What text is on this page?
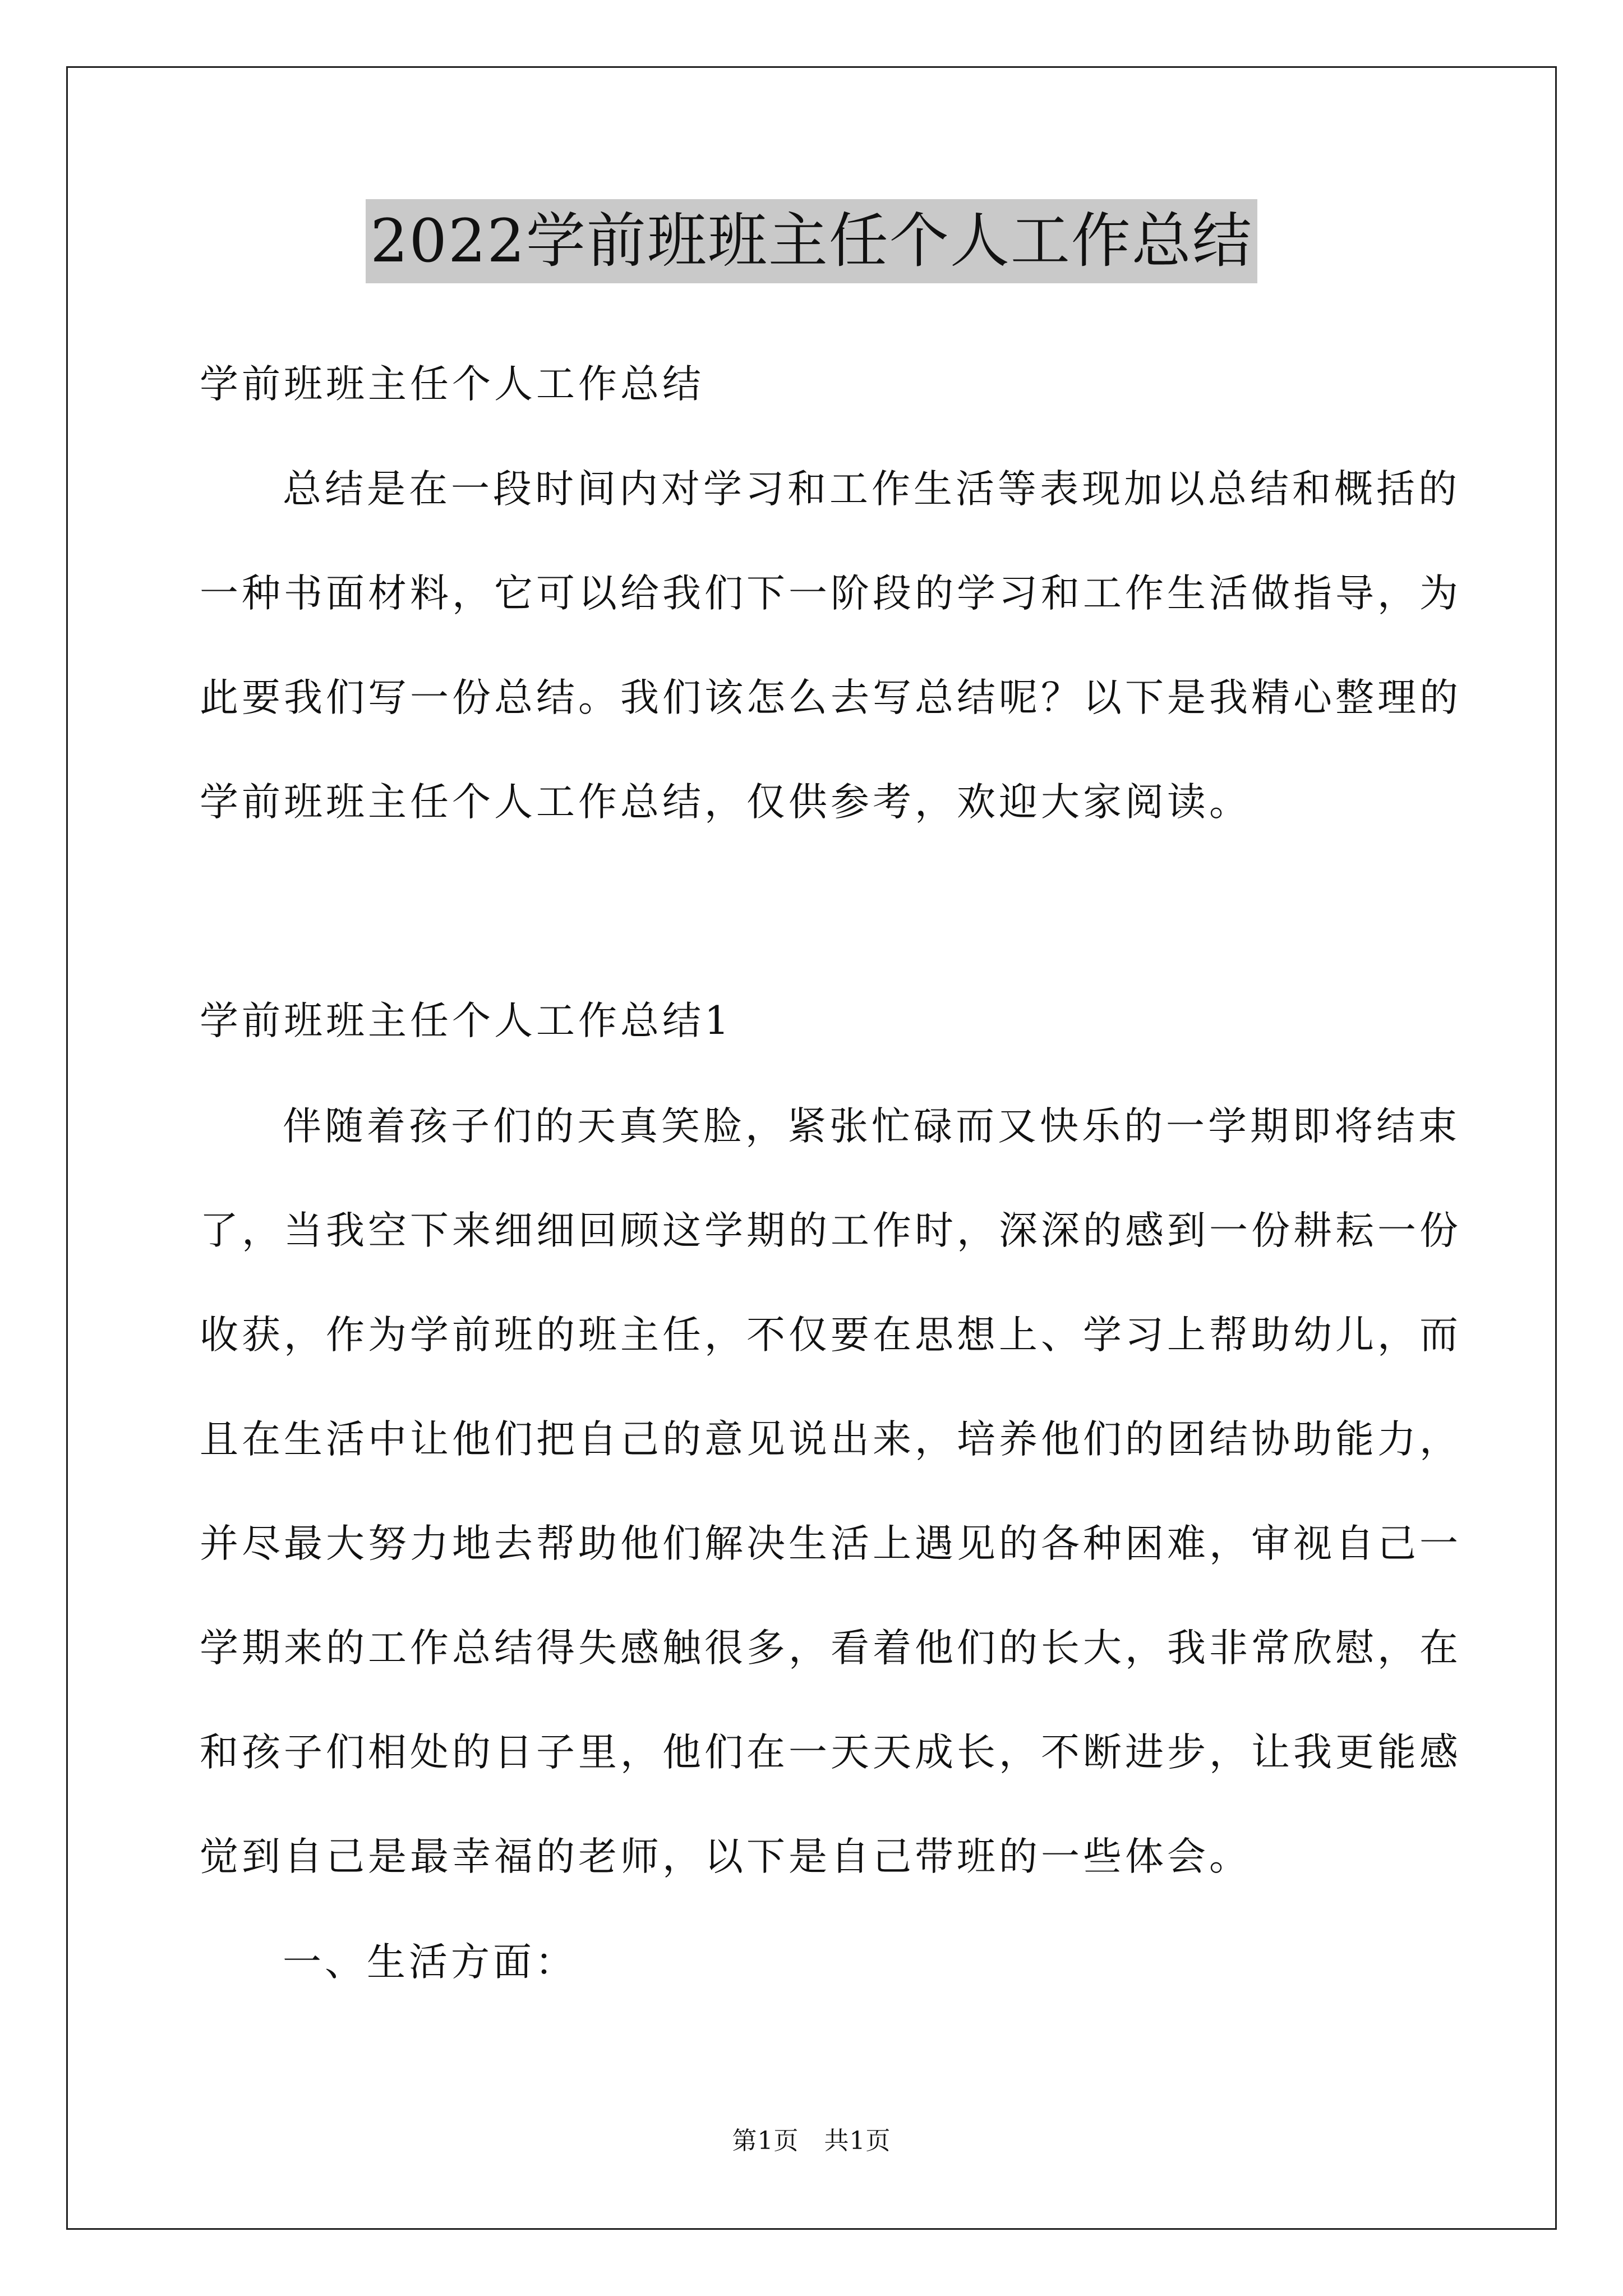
2022学前班班主任个人工作总结
学前班班主任个人工作总结
总结是在一段时间内对学习和工作生活等表现加以总结和概括的
一种书面材料，它可以给我们下一阶段的学习和工作生活做指导，为
此要我们写一份总结。我们该怎么去写总结呢？以下是我精心整理的
学前班班主任个人工作总结，仅供参考，欢迎大家阅读。
学前班班主任个人工作总结1
伴随着孩子们的天真笑脸，紧张忙碌而又快乐的一学期即将结束
了，当我空下来细细回顾这学期的工作时，深深的感到一份耕耘一份
收获，作为学前班的班主任，不仅要在思想上、学习上帮助幼儿，而
且在生活中让他们把自己的意见说出来，培养他们的团结协助能力，
并尽最大努力地去帮助他们解决生活上遇见的各种困难，审视自己一
学期来的工作总结得失感触很多，看着他们的长大，我非常欣慰，在
和孩子们相处的日子里，他们在一天天成长，不断进步，让我更能感
觉到自己是最幸福的老师，以下是自己带班的一些体会。
一、生活方面：
第1页   共1页
